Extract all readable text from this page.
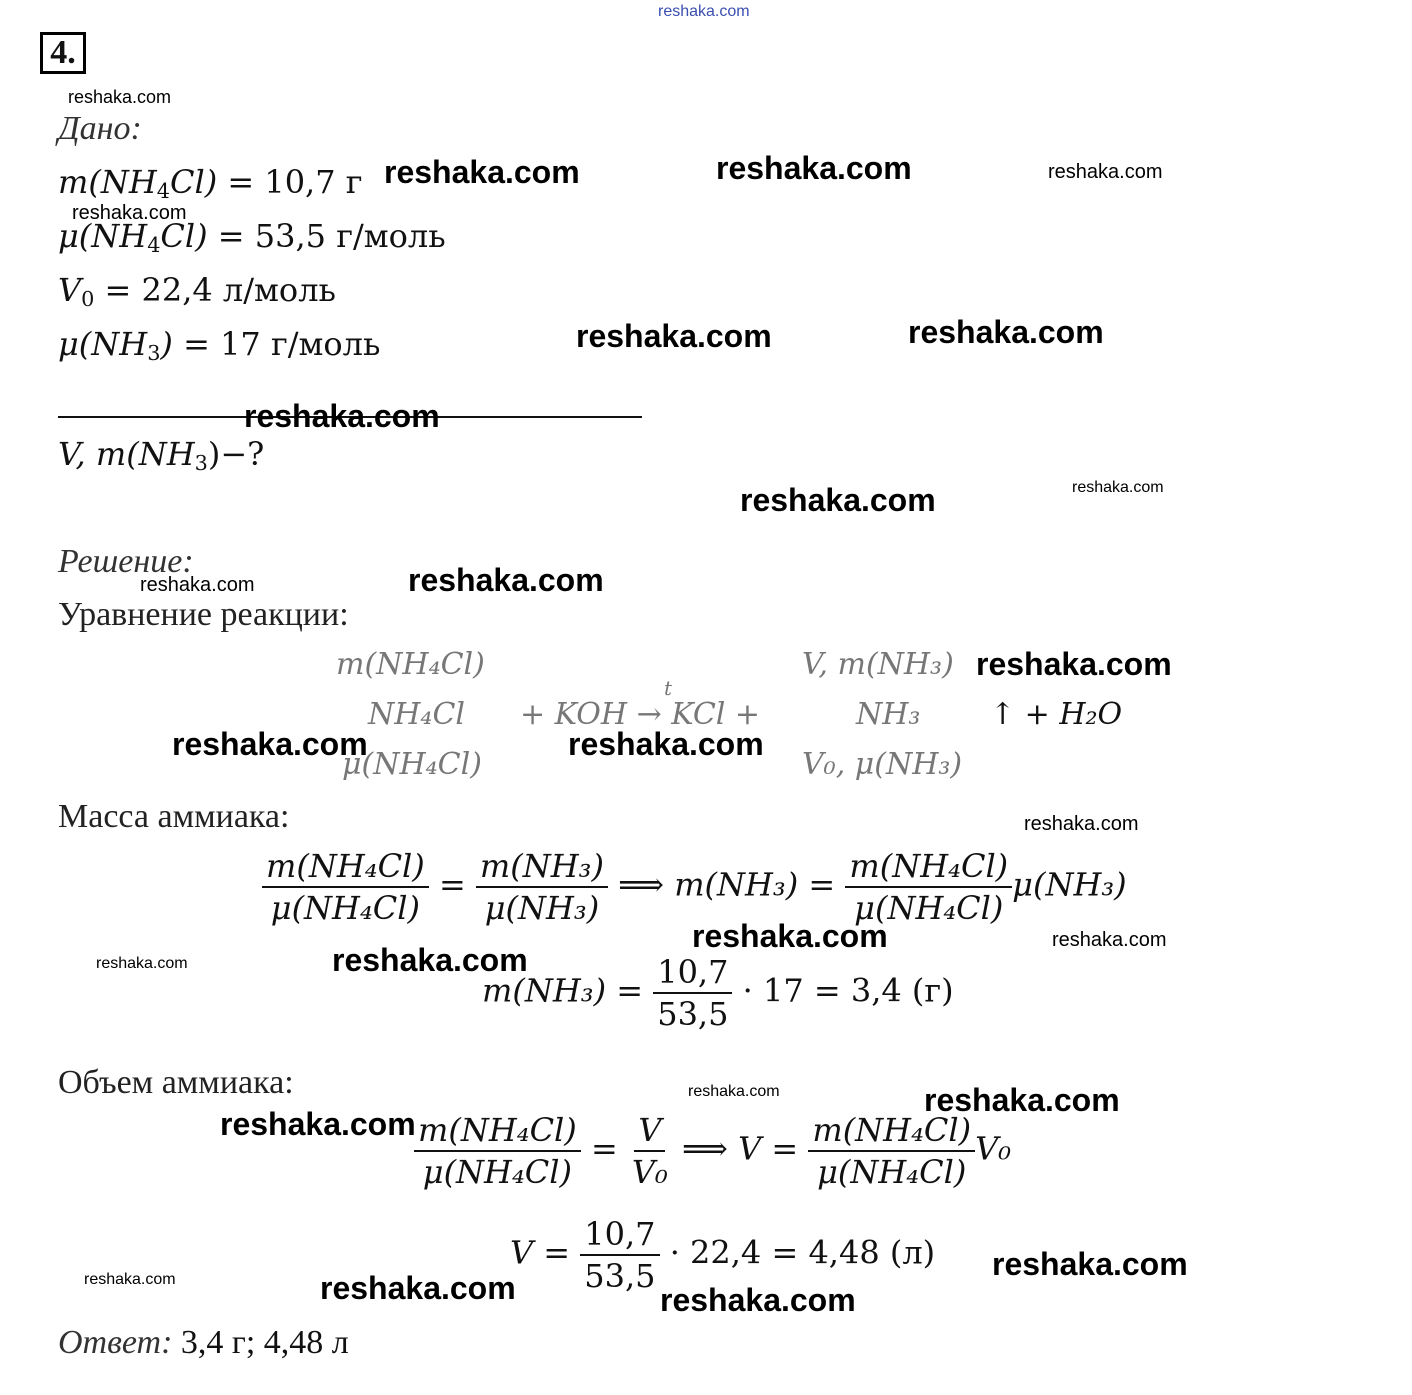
4.
Дано:
$m(NH_4Cl) = 10,7$ г
$\mu(NH_4Cl) = 53,5$ г/моль
$V_0 = 22,4$ л/моль
$\mu(NH_3) = 17$ г/моль
V, $m(NH_3)-$?
Решение:
Уравнение реакции:
m(NH₄Cl)	V, m(NH₃)
NH₄Cl
t
+ KOH → KCl +	NH₃ ↑ + H₂O
μ(NH₄Cl)	V₀, μ(NH₃)
Масса аммиака:
$\frac{\text{m(NH₄Cl)}}{\text{μ(NH₄Cl)}} = \frac{\text{m(NH₃)}}{\text{μ(NH₃)}}$ ⟹ $m(NH_3) = \frac{\text{m(NH₄Cl)}}{\text{μ(NH₄Cl)}} \mu(NH_3)$
$m(NH_3) = \frac{10,7}{53,5} \cdot 17 = 3,4$ (г)
Объем аммиака:
$\frac{\text{m(NH₄Cl)}}{\text{μ(NH₄Cl)}} = \frac{V}{\text{V₀}}$ ⟹ $V = \frac{\text{m(NH₄Cl)}}{\text{μ(NH₄Cl)}} V_0$
$V = \frac{10,7}{53,5} \cdot 22,4 = 4,48$ (л)
Ответ: 3,4 г; 4,48 л
reshaka.com
reshaka.com
reshaka.com	reshaka.com	reshaka.com
reshaka.com
reshaka.com	reshaka.com
reshaka.com
reshaka.com	reshaka.com
reshaka.com	reshaka.com
reshaka.com
reshaka.com	reshaka.com
reshaka.com
reshaka.com	reshaka.com
reshaka.com	reshaka.com
reshaka.com	reshaka.com
reshaka.com
reshaka.com
reshaka.com	reshaka.com	reshaka.com
